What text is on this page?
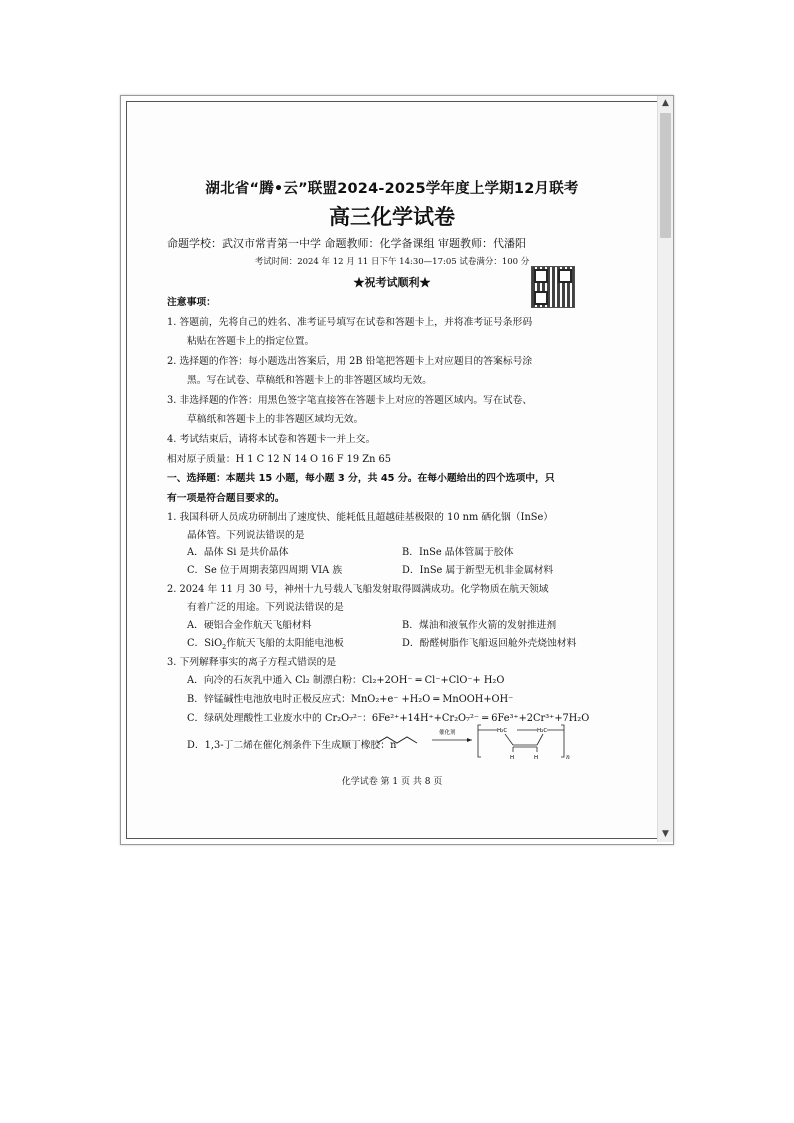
湖北省“腾•云”联盟2024-2025学年度上学期12月联考
高三化学试卷
命题学校：武汉市常青第一中学 命题教师：化学备课组 审题教师：代潘阳
考试时间：2024 年 12 月 11 日下午 14:30—17:05 试卷满分：100 分
★祝考试顺利★
注意事项：
1. 答题前，先将自己的姓名、准考证号填写在试卷和答题卡上，并将准考证号条形码
粘贴在答题卡上的指定位置。
2. 选择题的作答：每小题选出答案后，用 2B 铅笔把答题卡上对应题目的答案标号涂
黑。写在试卷、草稿纸和答题卡上的非答题区域均无效。
3. 非选择题的作答：用黑色签字笔直接答在答题卡上对应的答题区域内。写在试卷、
草稿纸和答题卡上的非答题区域均无效。
4. 考试结束后，请将本试卷和答题卡一并上交。
相对原子质量：H 1 C 12 N 14 O 16 F 19 Zn 65
一、选择题：本题共 15 小题，每小题 3 分，共 45 分。在每小题给出的四个选项中，只
有一项是符合题目要求的。
1. 我国科研人员成功研制出了速度快、能耗低且超越硅基极限的 10 nm 硒化铟（InSe）
晶体管。下列说法错误的是
A．晶体 Si 是共价晶体	B．InSe 晶体管属于胶体
C．Se 位于周期表第四周期 VIA 族	D．InSe 属于新型无机非金属材料
2. 2024 年 11 月 30 号，神州十九号载人飞船发射取得圆满成功。化学物质在航天领域
有着广泛的用途。下列说法错误的是
A．硬铝合金作航天飞船材料	B．煤油和液氧作火箭的发射推进剂
C．SiO$_2$作航天飞船的太阳能电池板	D．酚醛树脂作飞船返回舱外壳烧蚀材料
3. 下列解释事实的离子方程式错误的是
A．向冷的石灰乳中通入 Cl₂ 制漂白粉：Cl₂+2OH⁻ ═ Cl⁻+ClO⁻+ H₂O
B．锌锰碱性电池放电时正极反应式：MnO₂+e⁻ +H₂O ═ MnOOH+OH⁻
C．绿矾处理酸性工业废水中的 Cr₂O₇²⁻：6Fe²⁺+14H⁺+Cr₂O₇²⁻ ═ 6Fe³⁺+2Cr³⁺+7H₂O
D．1,3-丁二烯在催化剂条件下生成顺丁橡胶：n
催化剂	H₂C	H₂C
H	H	n
化学试卷 第 1 页 共 8 页
▲
▼
